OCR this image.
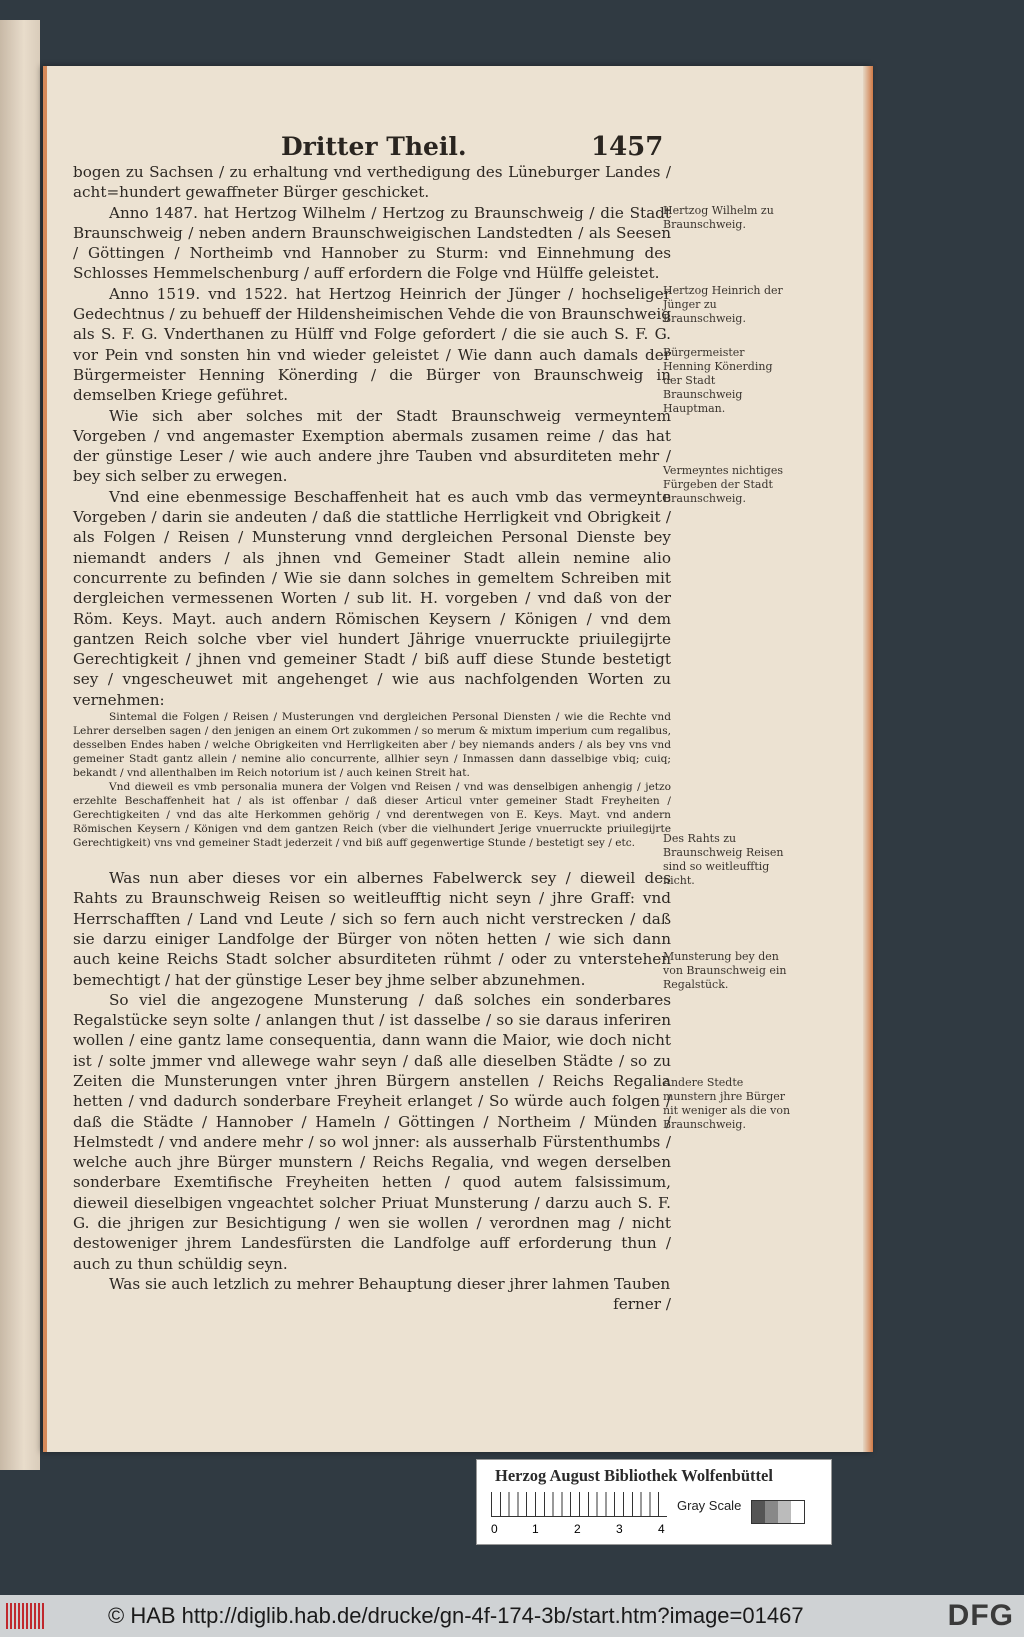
Dritter Theil.	1457

bogen zu Sachsen / zu erhaltung vnd verthedigung des Lüneburger Landes / acht=hundert gewaffneter Bürger geschicket.

Anno 1487. hat Hertzog Wilhelm / Hertzog zu Braunschweig / die Stadt Braunschweig / neben andern Braunschweigischen Landstedten / als Seesen / Göttingen / Northeimb vnd Hannober zu Sturm: vnd Einnehmung des Schlosses Hemmelschenburg / auff erfordern die Folge vnd Hülffe geleistet.

Anno 1519. vnd 1522. hat Hertzog Heinrich der Jünger / hochseliger Gedechtnus / zu behueff der Hildensheimischen Vehde die von Braunschweig als S. F. G. Vnderthanen zu Hülff vnd Folge gefordert / die sie auch S. F. G. vor Pein vnd sonsten hin vnd wieder geleistet / Wie dann auch damals der Bürgermeister Henning Könerding / die Bürger von Braunschweig in demselben Kriege geführet.

Wie sich aber solches mit der Stadt Braunschweig vermeyntem Vorgeben / vnd angemaster Exemption abermals zusamen reime / das hat der günstige Leser / wie auch andere jhre Tauben vnd absurditeten mehr / bey sich selber zu erwegen.

Vnd eine ebenmessige Beschaffenheit hat es auch vmb das vermeynte Vorgeben / darin sie andeuten / daß die stattliche Herrligkeit vnd Obrigkeit / als Folgen / Reisen / Munsterung vnnd dergleichen Personal Dienste bey niemandt anders / als jhnen vnd Gemeiner Stadt allein nemine alio concurrente zu befinden / Wie sie dann solches in gemeltem Schreiben mit dergleichen vermessenen Worten / sub lit. H. vorgeben / vnd daß von der Röm. Keys. Mayt. auch andern Römischen Keysern / Königen / vnd dem gantzen Reich solche vber viel hundert Jährige vnuerruckte priuilegijrte Gerechtigkeit / jhnen vnd gemeiner Stadt / biß auff diese Stunde bestetigt sey / vngescheuwet mit angehenget / wie aus nachfolgenden Worten zu vernehmen:

Sintemal die Folgen / Reisen / Musterungen vnd dergleichen Personal Diensten / wie die Rechte vnd Lehrer derselben sagen / den jenigen an einem Ort zukommen / so merum & mixtum imperium cum regalibus, desselben Endes haben / welche Obrigkeiten vnd Herrligkeiten aber / bey niemands anders / als bey vns vnd gemeiner Stadt gantz allein / nemine alio concurrente, allhier seyn / Inmassen dann dasselbige vbiq; cuiq; bekandt / vnd allenthalben im Reich notorium ist / auch keinen Streit hat.

Vnd dieweil es vmb personalia munera der Volgen vnd Reisen / vnd was denselbigen anhengig / jetzo erzehlte Beschaffenheit hat / als ist offenbar / daß dieser Articul vnter gemeiner Stadt Freyheiten / Gerechtigkeiten / vnd das alte Herkommen gehörig / vnd derentwegen von E. Keys. Mayt. vnd andern Römischen Keysern / Königen vnd dem gantzen Reich (vber die vielhundert Jerige vnuerruckte priuilegijrte Gerechtigkeit) vns vnd gemeiner Stadt jederzeit / vnd biß auff gegenwertige Stunde / bestetigt sey / etc.

Was nun aber dieses vor ein albernes Fabelwerck sey / dieweil des Rahts zu Braunschweig Reisen so weitleufftig nicht seyn / jhre Graff: vnd Herrschafften / Land vnd Leute / sich so fern auch nicht verstrecken / daß sie darzu einiger Landfolge der Bürger von nöten hetten / wie sich dann auch keine Reichs Stadt solcher absurditeten rühmt / oder zu vnterstehen bemechtigt / hat der günstige Leser bey jhme selber abzunehmen.

So viel die angezogene Munsterung / daß solches ein sonderbares Regalstücke seyn solte / anlangen thut / ist dasselbe / so sie daraus inferiren wollen / eine gantz lame consequentia, dann wann die Maior, wie doch nicht ist / solte jmmer vnd allewege wahr seyn / daß alle dieselben Städte / so zu Zeiten die Munsterungen vnter jhren Bürgern anstellen / Reichs Regalia hetten / vnd dadurch sonderbare Freyheit erlanget / So würde auch folgen / daß die Städte / Hannober / Hameln / Göttingen / Northeim / Münden / Helmstedt / vnd andere mehr / so wol jnner: als ausserhalb Fürstenthumbs / welche auch jhre Bürger munstern / Reichs Regalia, vnd wegen derselben sonderbare Exemtifische Freyheiten hetten / quod autem falsissimum, dieweil dieselbigen vngeachtet solcher Priuat Munsterung / darzu auch S. F. G. die jhrigen zur Besichtigung / wen sie wollen / verordnen mag / nicht destoweniger jhrem Landesfürsten die Landfolge auff erforderung thun / auch zu thun schüldig seyn.

Was sie auch letzlich zu mehrer Behauptung dieser jhrer lahmen Tauben

ferner /

Hertzog Wilhelm zu Braunschweig.
Hertzog Heinrich der Jünger zu Braunschweig.
Bürgermeister Henning Könerding der Stadt Braunschweig Hauptman.
Vermeyntes nichtiges Fürgeben der Stadt Braunschweig.
Des Rahts zu Braunschweig Reisen sind so weitleufftig nicht.
Munsterung bey den von Braunschweig ein Regalstück.
Andere Stedte munstern jhre Bürger nit weniger als die von Braunschweig.
Herzog August Bibliothek Wolfenbüttel
0	1	2	3	4
Gray Scale
© HAB http://diglib.hab.de/drucke/gn-4f-174-3b/start.htm?image=01467	DFG
